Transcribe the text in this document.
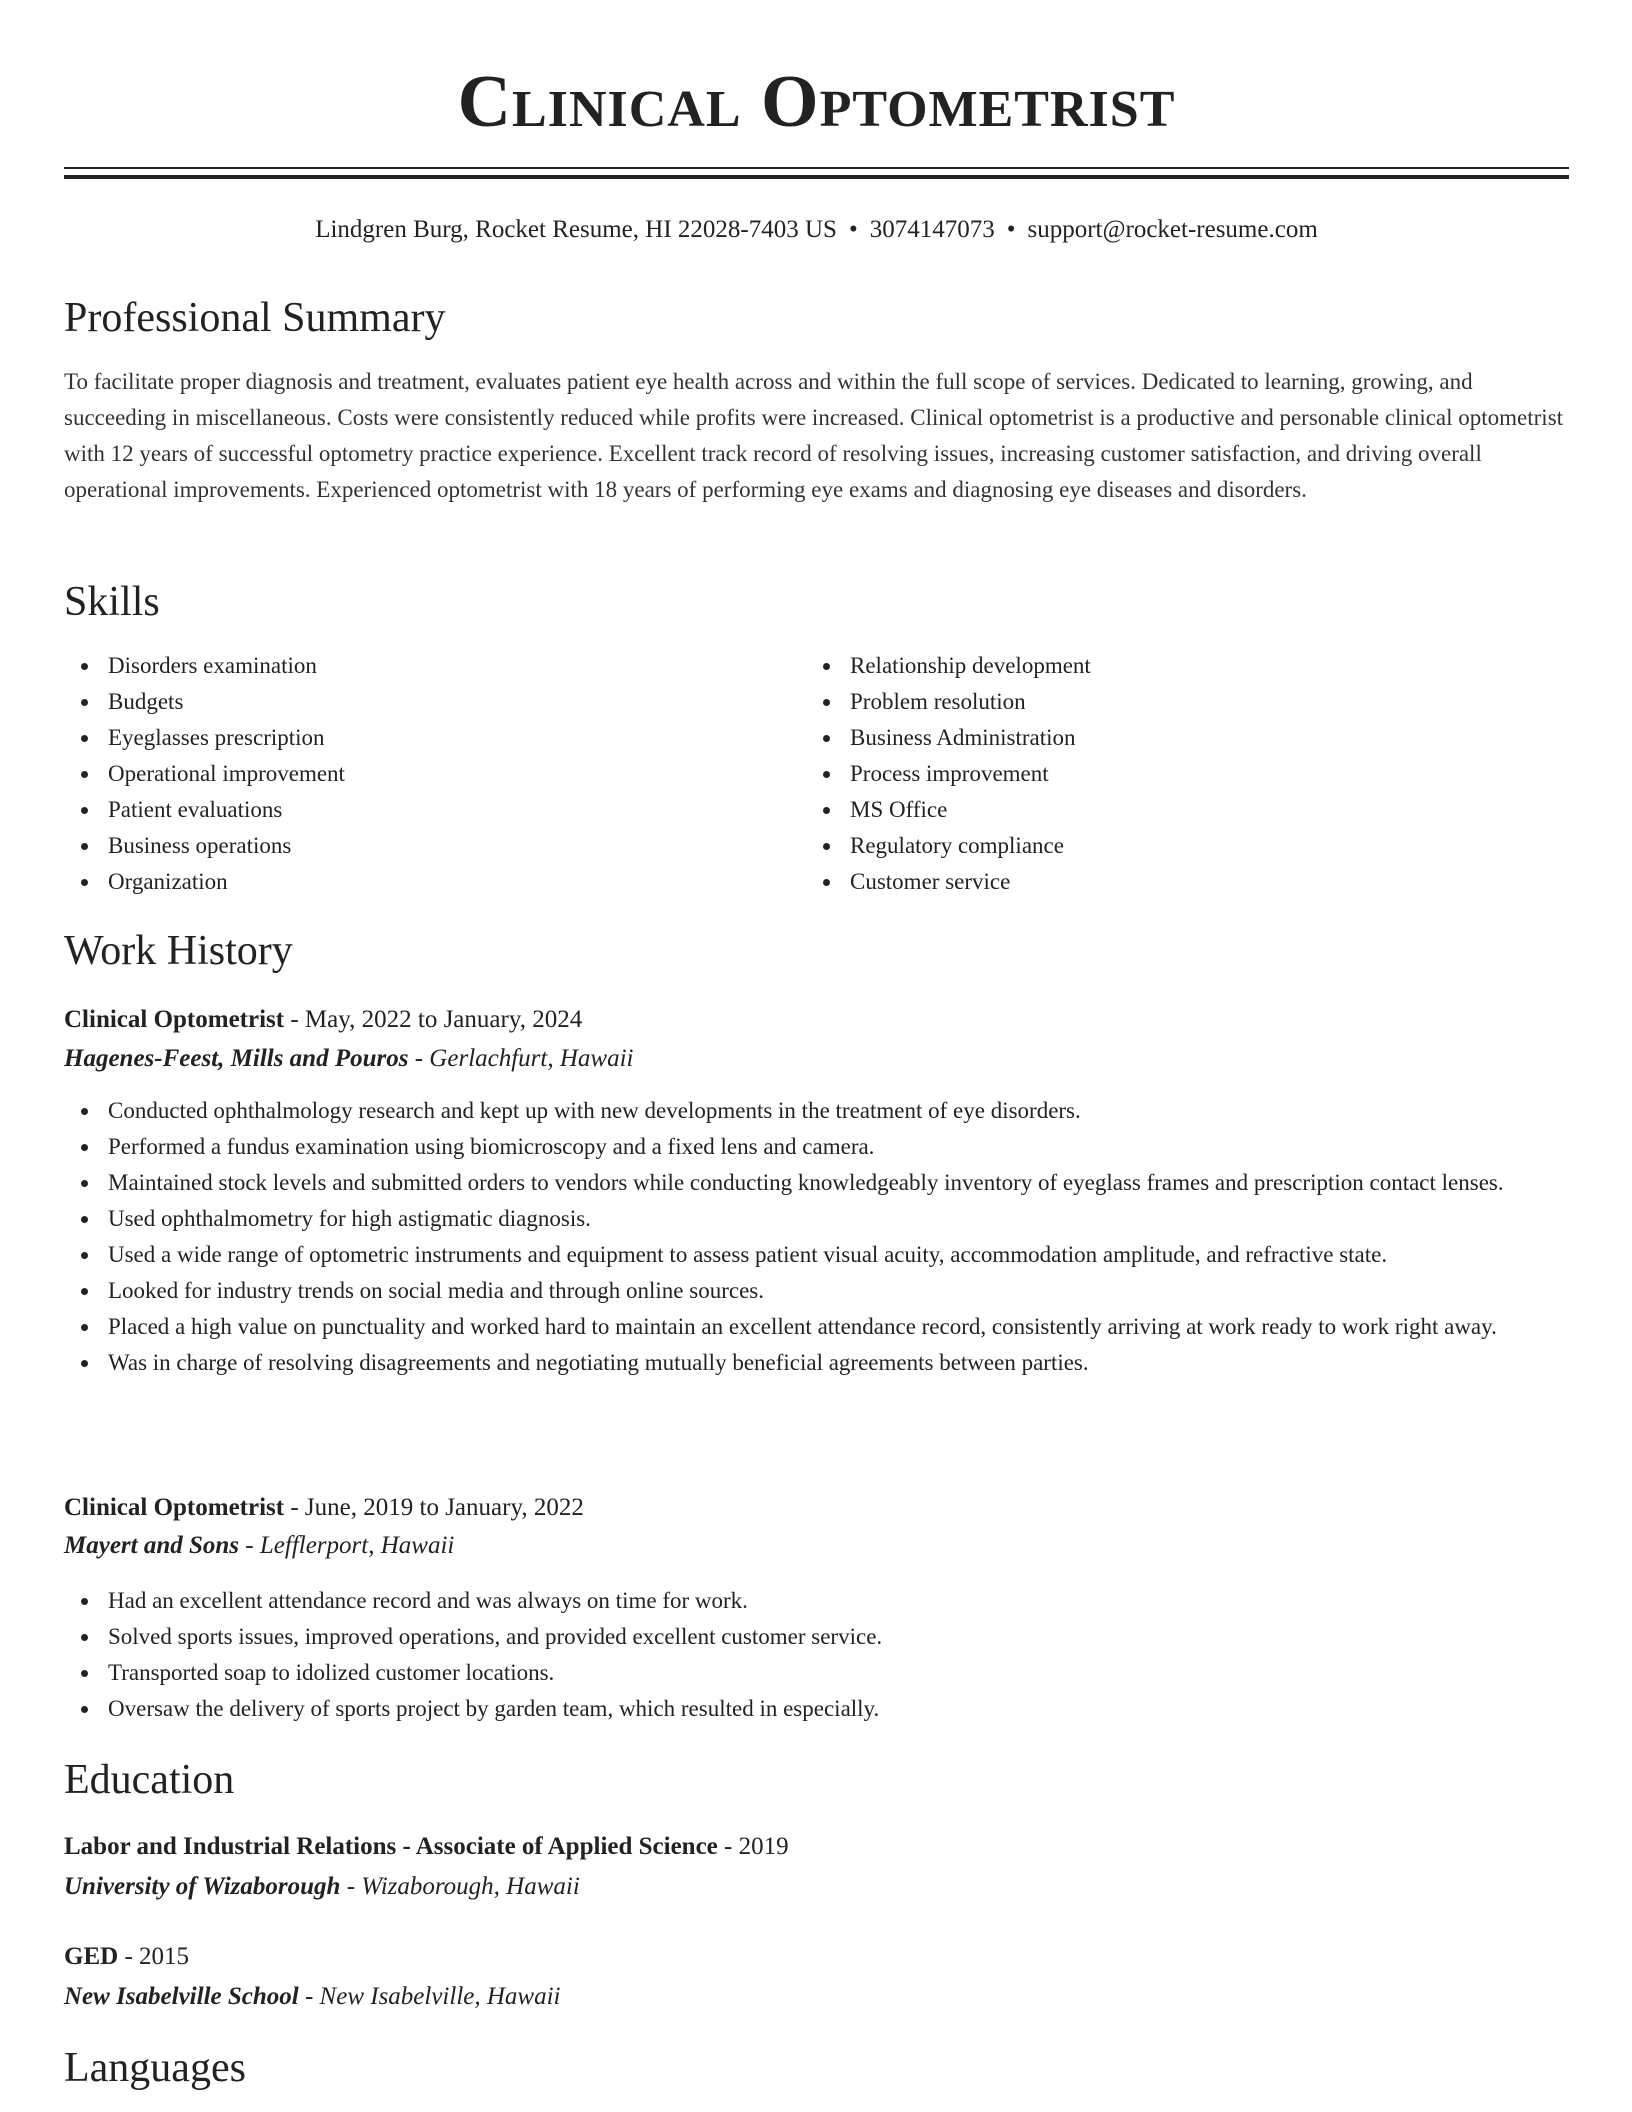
Clinical Optometrist
Lindgren Burg, Rocket Resume, HI 22028-7403 US • 3074147073 • support@rocket-resume.com
Professional Summary

To facilitate proper diagnosis and treatment, evaluates patient eye health across and within the full scope of services. Dedicated to learning, growing, and succeeding in miscellaneous. Costs were consistently reduced while profits were increased. Clinical optometrist is a productive and personable clinical optometrist with 12 years of successful optometry practice experience. Excellent track record of resolving issues, increasing customer satisfaction, and driving overall operational improvements. Experienced optometrist with 18 years of performing eye exams and diagnosing eye diseases and disorders.

Skills
Disorders examination
Budgets
Eyeglasses prescription
Operational improvement
Patient evaluations
Business operations
Organization
Relationship development
Problem resolution
Business Administration
Process improvement
MS Office
Regulatory compliance
Customer service
Work History
Clinical Optometrist - May, 2022 to January, 2024
Hagenes-Feest, Mills and Pouros - Gerlachfurt, Hawaii
Conducted ophthalmology research and kept up with new developments in the treatment of eye disorders.
Performed a fundus examination using biomicroscopy and a fixed lens and camera.
Maintained stock levels and submitted orders to vendors while conducting knowledgeably inventory of eyeglass frames and prescription contact lenses.
Used ophthalmometry for high astigmatic diagnosis.
Used a wide range of optometric instruments and equipment to assess patient visual acuity, accommodation amplitude, and refractive state.
Looked for industry trends on social media and through online sources.
Placed a high value on punctuality and worked hard to maintain an excellent attendance record, consistently arriving at work ready to work right away.
Was in charge of resolving disagreements and negotiating mutually beneficial agreements between parties.
Clinical Optometrist - June, 2019 to January, 2022
Mayert and Sons - Lefflerport, Hawaii
Had an excellent attendance record and was always on time for work.
Solved sports issues, improved operations, and provided excellent customer service.
Transported soap to idolized customer locations.
Oversaw the delivery of sports project by garden team, which resulted in especially.
Education
Labor and Industrial Relations - Associate of Applied Science - 2019
University of Wizaborough - Wizaborough, Hawaii
GED - 2015
New Isabelville School - New Isabelville, Hawaii
Languages
